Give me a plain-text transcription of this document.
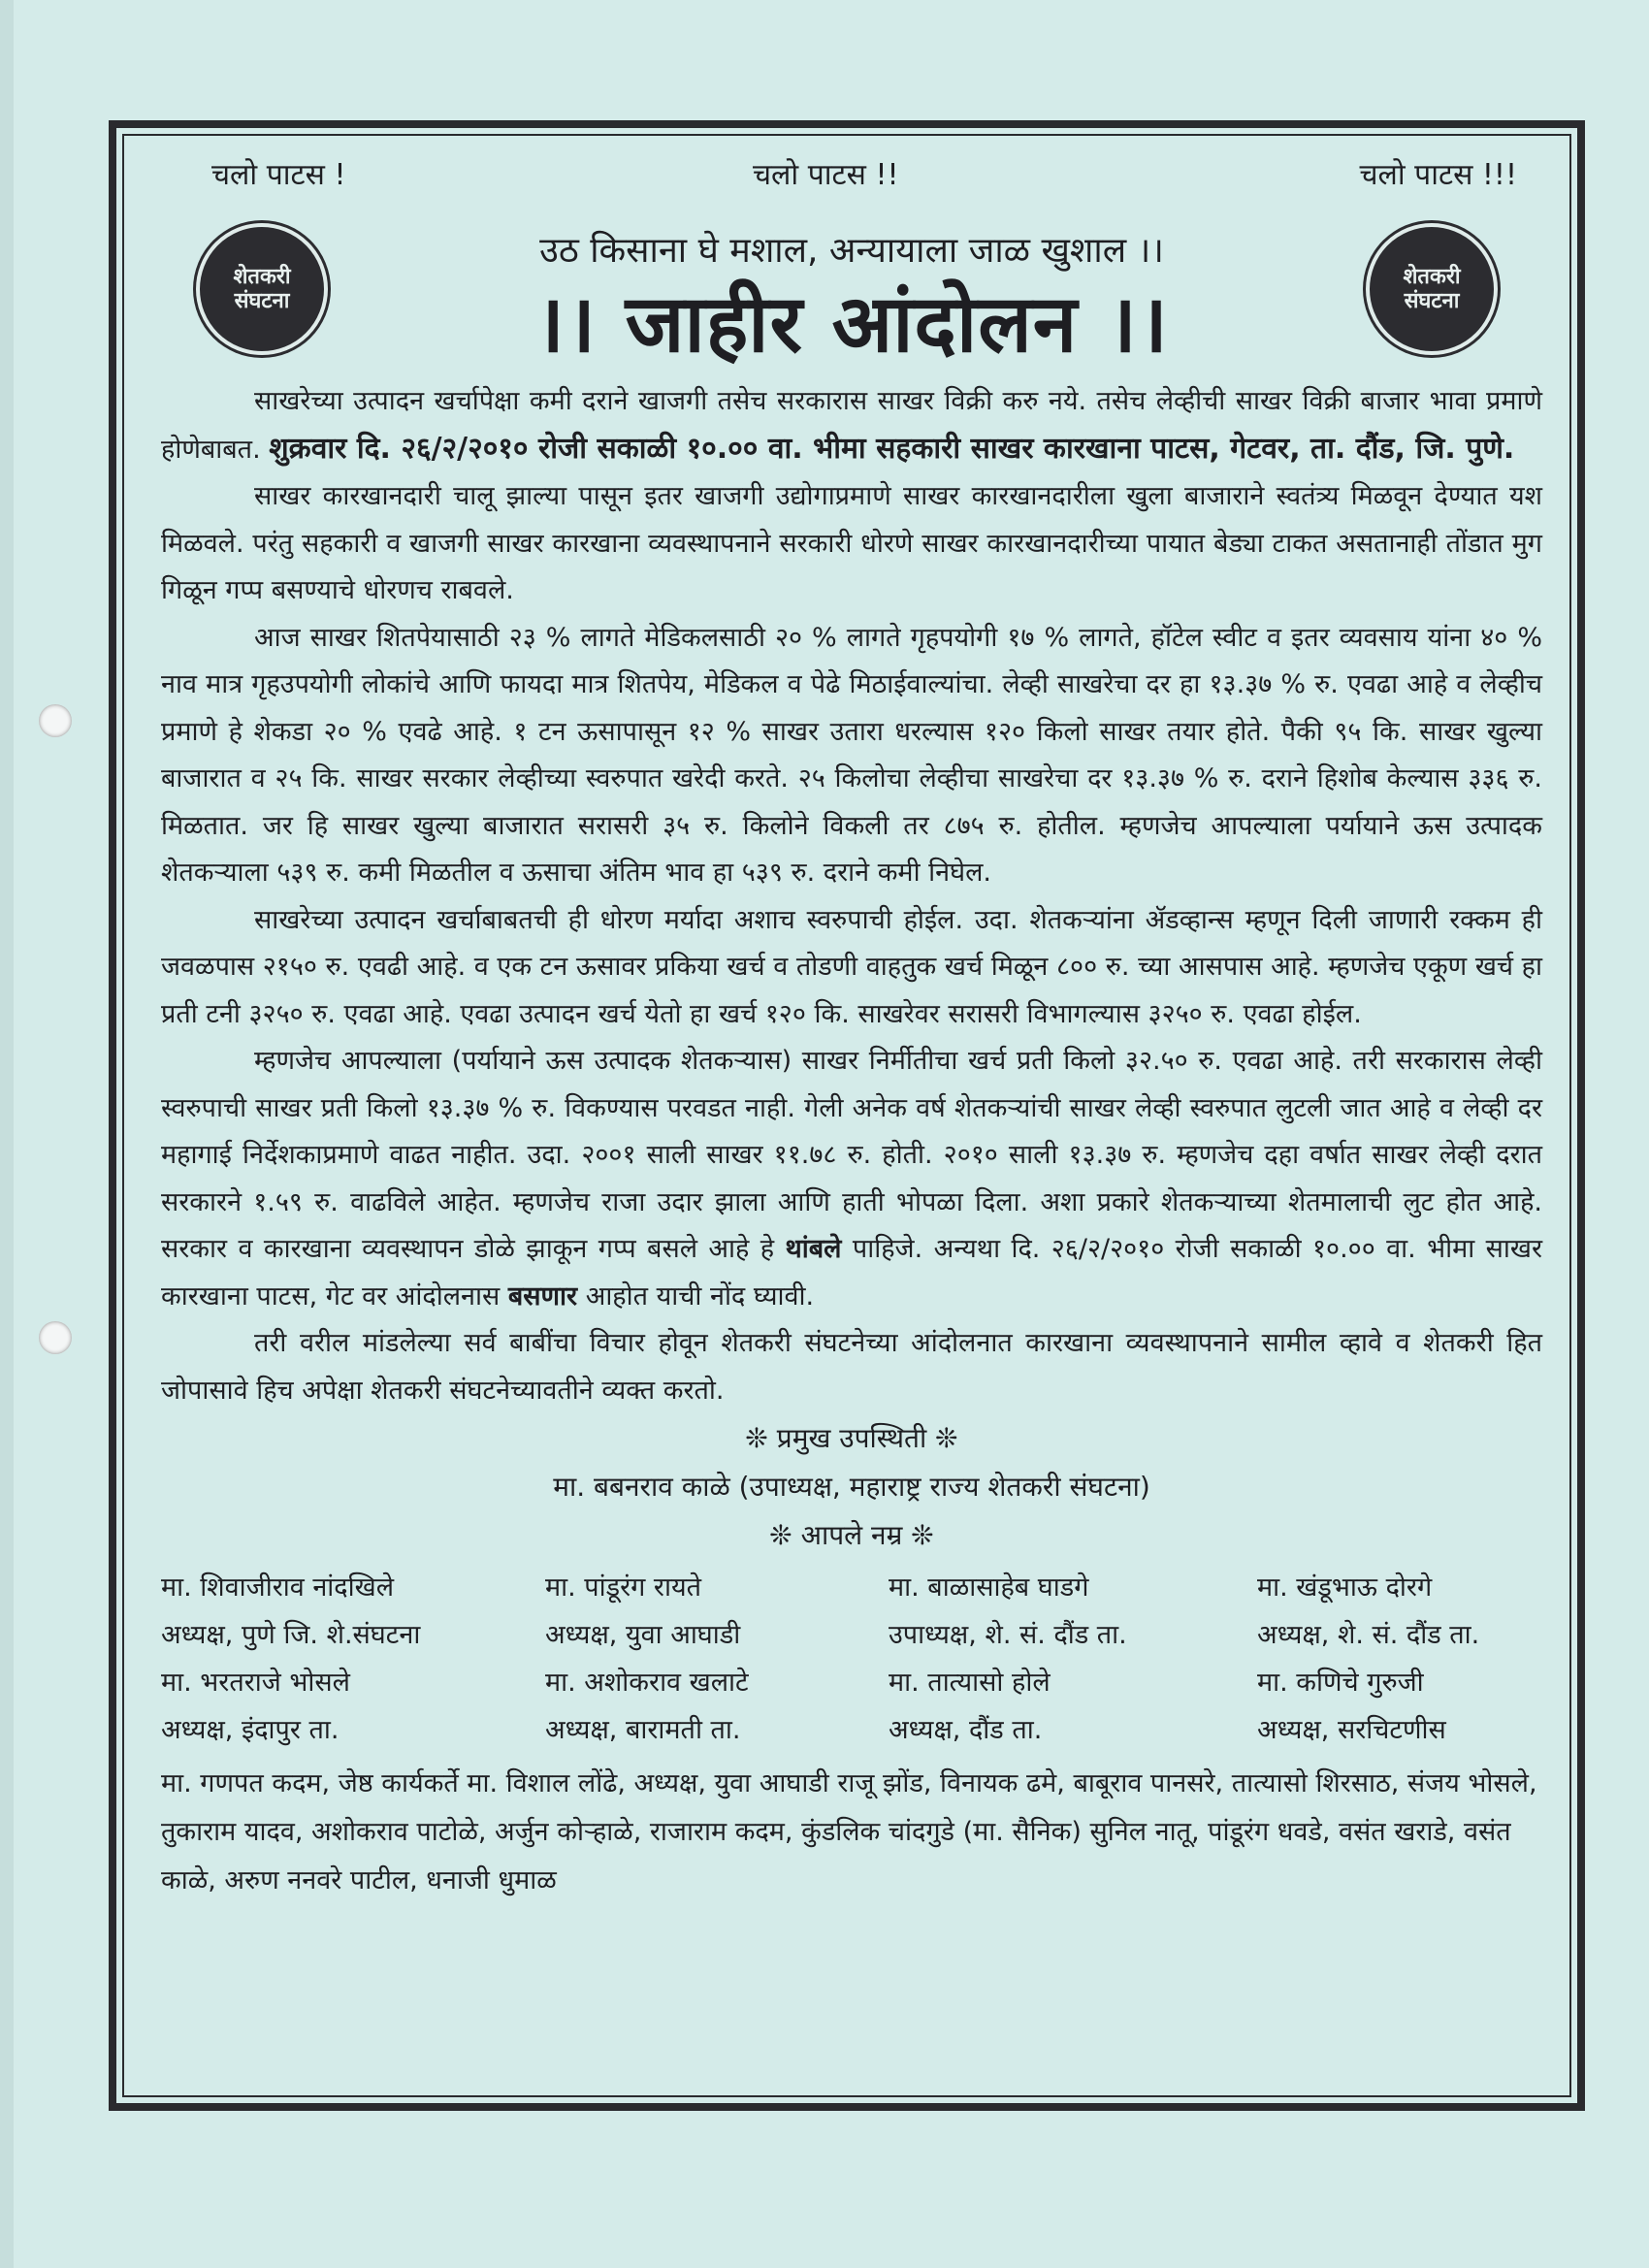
चलो पाटस !	चलो पाटस !!	चलो पाटस !!!
शेतकरी
संघटना
शेतकरी
संघटना
उठ किसाना घे मशाल, अन्यायाला जाळ खुशाल ।।
।। जाहीर आंदोलन ।।

साखरेच्या उत्पादन खर्चापेक्षा कमी दराने खाजगी तसेच सरकारास साखर विक्री करु नये. तसेच लेव्हीची साखर विक्री बाजार भावा प्रमाणे होणेबाबत. शुक्रवार दि. २६/२/२०१० रोजी सकाळी १०.०० वा. भीमा सहकारी साखर कारखाना पाटस, गेटवर, ता. दौंड, जि. पुणे.

साखर कारखानदारी चालू झाल्या पासून इतर खाजगी उद्योगाप्रमाणे साखर कारखानदारीला खुला बाजाराने स्वतंत्र्य मिळवून देण्यात यश मिळवले. परंतु सहकारी व खाजगी साखर कारखाना व्यवस्थापनाने सरकारी धोरणे साखर कारखानदारीच्या पायात बेड्या टाकत असतानाही तोंडात मुग गिळून गप्प बसण्याचे धोरणच राबवले.

आज साखर शितपेयासाठी २३ % लागते मेडिकलसाठी २० % लागते गृहपयोगी १७ % लागते, हॉटेल स्वीट व इतर व्यवसाय यांना ४० % नाव मात्र गृहउपयोगी लोकांचे आणि फायदा मात्र शितपेय, मेडिकल व पेढे मिठाईवाल्यांचा. लेव्ही साखरेचा दर हा १३.३७ % रु. एवढा आहे व लेव्हीच प्रमाणे हे शेकडा २० % एवढे आहे. १ टन ऊसापासून १२ % साखर उतारा धरल्यास १२० किलो साखर तयार होते. पैकी ९५ कि. साखर खुल्या बाजारात व २५ कि. साखर सरकार लेव्हीच्या स्वरुपात खरेदी करते. २५ किलोचा लेव्हीचा साखरेचा दर १३.३७ % रु. दराने हिशोब केल्यास ३३६ रु. मिळतात. जर हि साखर खुल्या बाजारात सरासरी ३५ रु. किलोने विकली तर ८७५ रु. होतील. म्हणजेच आपल्याला पर्यायाने ऊस उत्पादक शेतकऱ्याला ५३९ रु. कमी मिळतील व ऊसाचा अंतिम भाव हा ५३९ रु. दराने कमी निघेल.

साखरेच्या उत्पादन खर्चाबाबतची ही धोरण मर्यादा अशाच स्वरुपाची होईल. उदा. शेतकऱ्यांना ॲडव्हान्स म्हणून दिली जाणारी रक्कम ही जवळपास २१५० रु. एवढी आहे. व एक टन ऊसावर प्रकिया खर्च व तोडणी वाहतुक खर्च मिळून ८०० रु. च्या आसपास आहे. म्हणजेच एकूण खर्च हा प्रती टनी ३२५० रु. एवढा आहे. एवढा उत्पादन खर्च येतो हा खर्च १२० कि. साखरेवर सरासरी विभागल्यास ३२५० रु. एवढा होईल.

म्हणजेच आपल्याला (पर्यायाने ऊस उत्पादक शेतकऱ्यास) साखर निर्मीतीचा खर्च प्रती किलो ३२.५० रु. एवढा आहे. तरी सरकारास लेव्ही स्वरुपाची साखर प्रती किलो १३.३७ % रु. विकण्यास परवडत नाही. गेली अनेक वर्ष शेतकऱ्यांची साखर लेव्ही स्वरुपात लुटली जात आहे व लेव्ही दर महागाई निर्देशकाप्रमाणे वाढत नाहीत. उदा. २००१ साली साखर ११.७८ रु. होती. २०१० साली १३.३७ रु. म्हणजेच दहा वर्षात साखर लेव्ही दरात सरकारने १.५९ रु. वाढविले आहेत. म्हणजेच राजा उदार झाला आणि हाती भोपळा दिला. अशा प्रकारे शेतकऱ्याच्या शेतमालाची लुट होत आहे. सरकार व कारखाना व्यवस्थापन डोळे झाकून गप्प बसले आहे हे थांबले पाहिजे. अन्यथा दि. २६/२/२०१० रोजी सकाळी १०.०० वा. भीमा साखर कारखाना पाटस, गेट वर आंदोलनास बसणार आहोत याची नोंद घ्यावी.

तरी वरील मांडलेल्या सर्व बाबींचा विचार होवून शेतकरी संघटनेच्या आंदोलनात कारखाना व्यवस्थापनाने सामील व्हावे व शेतकरी हित जोपासावे हिच अपेक्षा शेतकरी संघटनेच्यावतीने व्यक्त करतो.

❊ प्रमुख उपस्थिती ❊
मा. बबनराव काळे (उपाध्यक्ष, महाराष्ट्र राज्य शेतकरी संघटना)
❊ आपले नम्र ❊
मा. शिवाजीराव नांदखिले	मा. पांडूरंग रायते	मा. बाळासाहेब घाडगे	मा. खंडूभाऊ दोरगे
अध्यक्ष, पुणे जि. शे.संघटना	अध्यक्ष, युवा आघाडी	उपाध्यक्ष, शे. सं. दौंड ता.	अध्यक्ष, शे. सं. दौंड ता.
मा. भरतराजे भोसले	मा. अशोकराव खलाटे	मा. तात्यासो होले	मा. कणिचे गुरुजी
अध्यक्ष, इंदापुर ता.	अध्यक्ष, बारामती ता.	अध्यक्ष, दौंड ता.	अध्यक्ष, सरचिटणीस
मा. गणपत कदम, जेष्ठ कार्यकर्ते मा. विशाल लोंढे, अध्यक्ष, युवा आघाडी राजू झोंड, विनायक ढमे, बाबूराव पानसरे, तात्यासो शिरसाठ, संजय भोसले, तुकाराम यादव, अशोकराव पाटोळे, अर्जुन कोऱ्हाळे, राजाराम कदम, कुंडलिक चांदगुडे (मा. सैनिक) सुनिल नातू, पांडूरंग धवडे, वसंत खराडे, वसंत काळे, अरुण ननवरे पाटील, धनाजी धुमाळ
